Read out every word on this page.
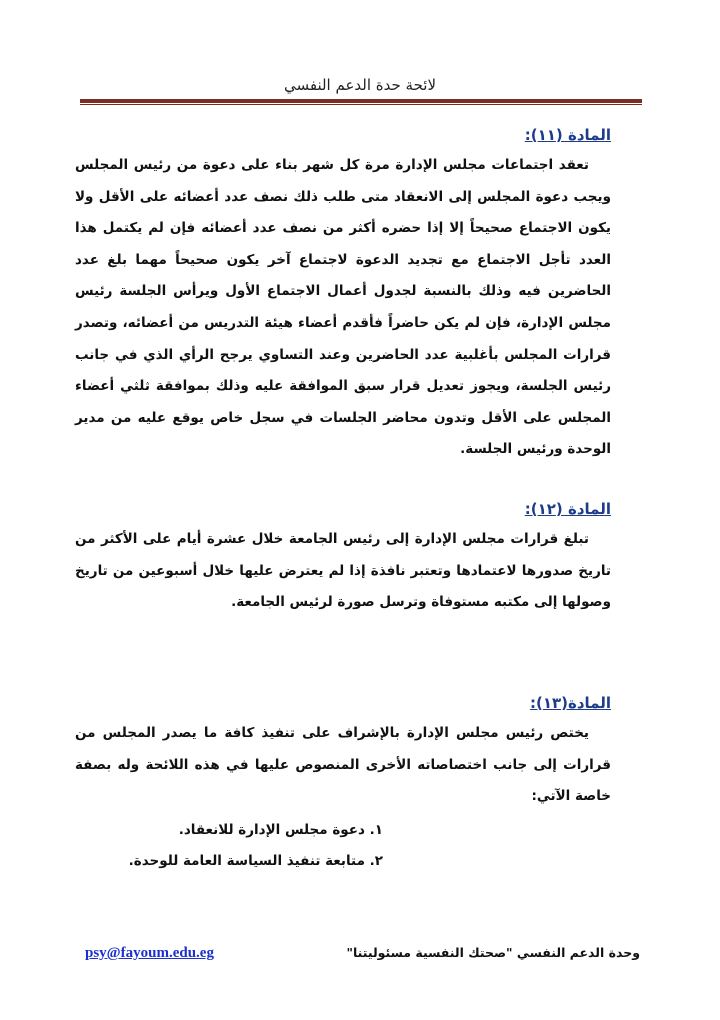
لائحة حدة الدعم النفسي
المادة (١١):
تعقد اجتماعات مجلس الإدارة مرة كل شهر بناء على دعوة من رئيس المجلس
ويجب دعوة المجلس إلى الانعقاد متى طلب ذلك نصف عدد أعضائه على الأقل ولا
يكون الاجتماع صحيحاً إلا إذا حضره أكثر من نصف عدد أعضائه فإن لم يكتمل هذا
العدد تأجل الاجتماع مع تجديد الدعوة لاجتماع آخر يكون صحيحاً مهما بلغ عدد
الحاضرين فيه وذلك بالنسبة لجدول أعمال الاجتماع الأول ويرأس الجلسة رئيس
مجلس الإدارة، فإن لم يكن حاضراً فأقدم أعضاء هيئة التدريس من أعضائه، وتصدر
قرارات المجلس بأغلبية عدد الحاضرين وعند التساوي يرجح الرأي الذي في جانب
رئيس الجلسة، ويجوز تعديل قرار سبق الموافقة عليه وذلك بموافقة ثلثي أعضاء
المجلس على الأقل وتدون محاضر الجلسات في سجل خاص يوقع عليه من مدير
الوحدة ورئيس الجلسة.
المادة (١٢):
تبلغ قرارات مجلس الإدارة إلى رئيس الجامعة خلال عشرة أيام على الأكثر من
تاريخ صدورها لاعتمادها وتعتبر نافذة إذا لم يعترض عليها خلال أسبوعين من تاريخ
وصولها إلى مكتبه مستوفاة وترسل صورة لرئيس الجامعة.
المادة(١٣):
يختص رئيس مجلس الإدارة بالإشراف على تنفيذ كافة ما يصدر المجلس من
قرارات إلى جانب اختصاصاته الأخرى المنصوص عليها في هذه اللائحة وله بصفة
خاصة الآتي:
١. دعوة مجلس الإدارة للانعقاد.
٢. متابعة تنفيذ السياسة العامة للوحدة.
psy@fayoum.edu.eg	وحدة الدعم النفسي "صحتك النفسية مسئوليتنا"
